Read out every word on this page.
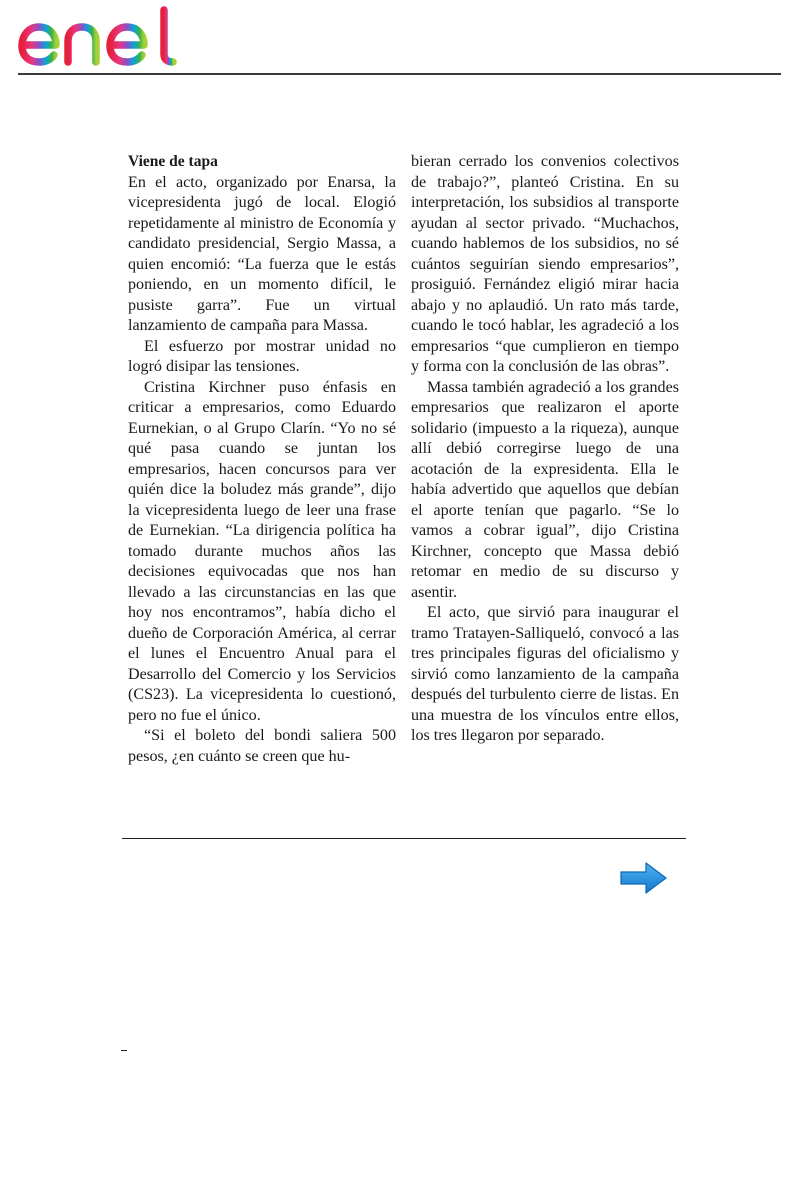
Viene de tapa

En el acto, organizado por Enarsa, la vicepresidenta jugó de local. Elogió repetidamente al ministro de Economía y candidato presidencial, Sergio Massa, a quien encomió: “La fuerza que le estás poniendo, en un momento difícil, le pusiste garra”. Fue un virtual lanzamiento de campaña para Massa.

El esfuerzo por mostrar unidad no logró disipar las tensiones.

Cristina Kirchner puso énfasis en criticar a empresarios, como Eduardo Eurnekian, o al Grupo Clarín. “Yo no sé qué pasa cuando se juntan los empresarios, hacen concursos para ver quién dice la boludez más grande”, dijo la vicepresidenta luego de leer una frase de Eurnekian. “La dirigencia política ha tomado durante muchos años las decisiones equivocadas que nos han llevado a las circunstancias en las que hoy nos encontramos”, había dicho el dueño de Corporación América, al cerrar el lunes el Encuentro Anual para el Desarrollo del Comercio y los Servicios (CS23). La vicepresidenta lo cuestionó, pero no fue el único.

“Si el boleto del bondi saliera 500 pesos, ¿en cuánto se creen que hu-

bieran cerrado los convenios colectivos de trabajo?”, planteó Cristina. En su interpretación, los subsidios al transporte ayudan al sector privado. “Muchachos, cuando hablemos de los subsidios, no sé cuántos seguirían siendo empresarios”, prosiguió. Fernández eligió mirar hacia abajo y no aplaudió. Un rato más tarde, cuando le tocó hablar, les agradeció a los empresarios “que cumplieron en tiempo y forma con la conclusión de las obras”.

Massa también agradeció a los grandes empresarios que realizaron el aporte solidario (impuesto a la riqueza), aunque allí debió corregirse luego de una acotación de la expresidenta. Ella le había advertido que aquellos que debían el aporte tenían que pagarlo. “Se lo vamos a cobrar igual”, dijo Cristina Kirchner, concepto que Massa debió retomar en medio de su discurso y asentir.

El acto, que sirvió para inaugurar el tramo Tratayen-Salliqueló, convocó a las tres principales figuras del oficialismo y sirvió como lanzamiento de la campaña después del turbulento cierre de listas. En una muestra de los vínculos entre ellos, los tres llegaron por separado.
